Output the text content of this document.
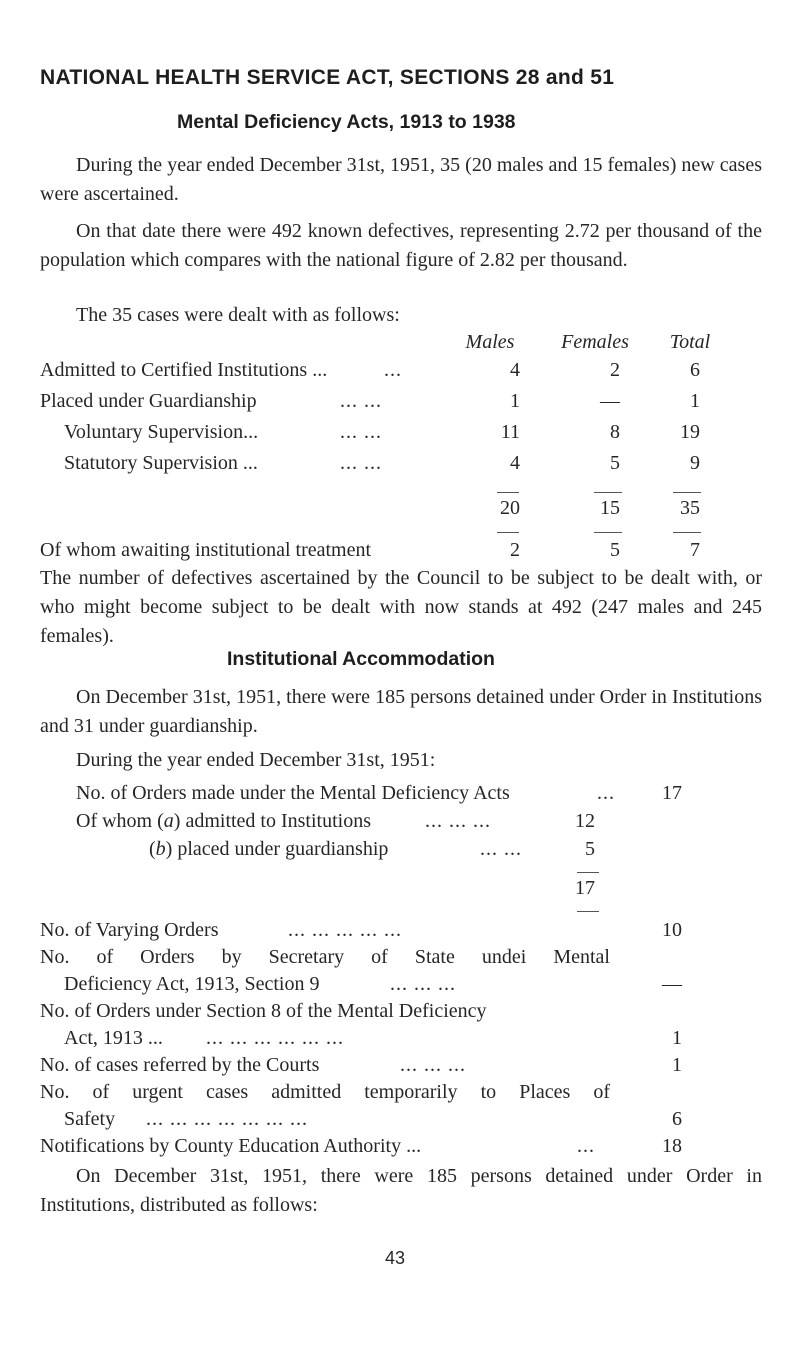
NATIONAL HEALTH SERVICE ACT, SECTIONS 28 and 51
Mental Deficiency Acts, 1913 to 1938
During the year ended December 31st, 1951, 35 (20 males and 15 females) new cases were ascertained.
On that date there were 492 known defectives, representing 2.72 per thousand of the population which compares with the national figure of 2.82 per thousand.
The 35 cases were dealt with as follows:
Males	Females	Total
Admitted to Certified Institutions ...	...	4	2	6
Placed under Guardianship	... ...	1	—	1
Voluntary Supervision...	... ...	11	8	19
Statutory Supervision ...	... ...	4	5	9
20	15	35
Of whom awaiting institutional treatment	2	5	7
The number of defectives ascertained by the Council to be subject to be dealt with, or who might become subject to be dealt with now stands at 492 (247 males and 245 females).
Institutional Accommodation
On December 31st, 1951, there were 185 persons detained under Order in Institutions and 31 under guardianship.
During the year ended December 31st, 1951:
No. of Orders made under the Mental Deficiency Acts	...	17
Of whom (a) admitted to Institutions	... ... ...	12
(b) placed under guardianship	... ...	5
17
No. of Varying Orders	... ... ... ... ...	10
No. of Orders by Secretary of State undei Mental
Deficiency Act, 1913, Section 9	... ... ...	—
No. of Orders under Section 8 of the Mental Deficiency
Act, 1913 ... ... ... ... ... ... ...	1
No. of cases referred by the Courts	... ... ...	1
No. of urgent cases admitted temporarily to Places of
Safety ... ... ... ... ... ... ...	6
Notifications by County Education Authority ...	...	18
On December 31st, 1951, there were 185 persons detained under Order in Institutions, distributed as follows:
43
